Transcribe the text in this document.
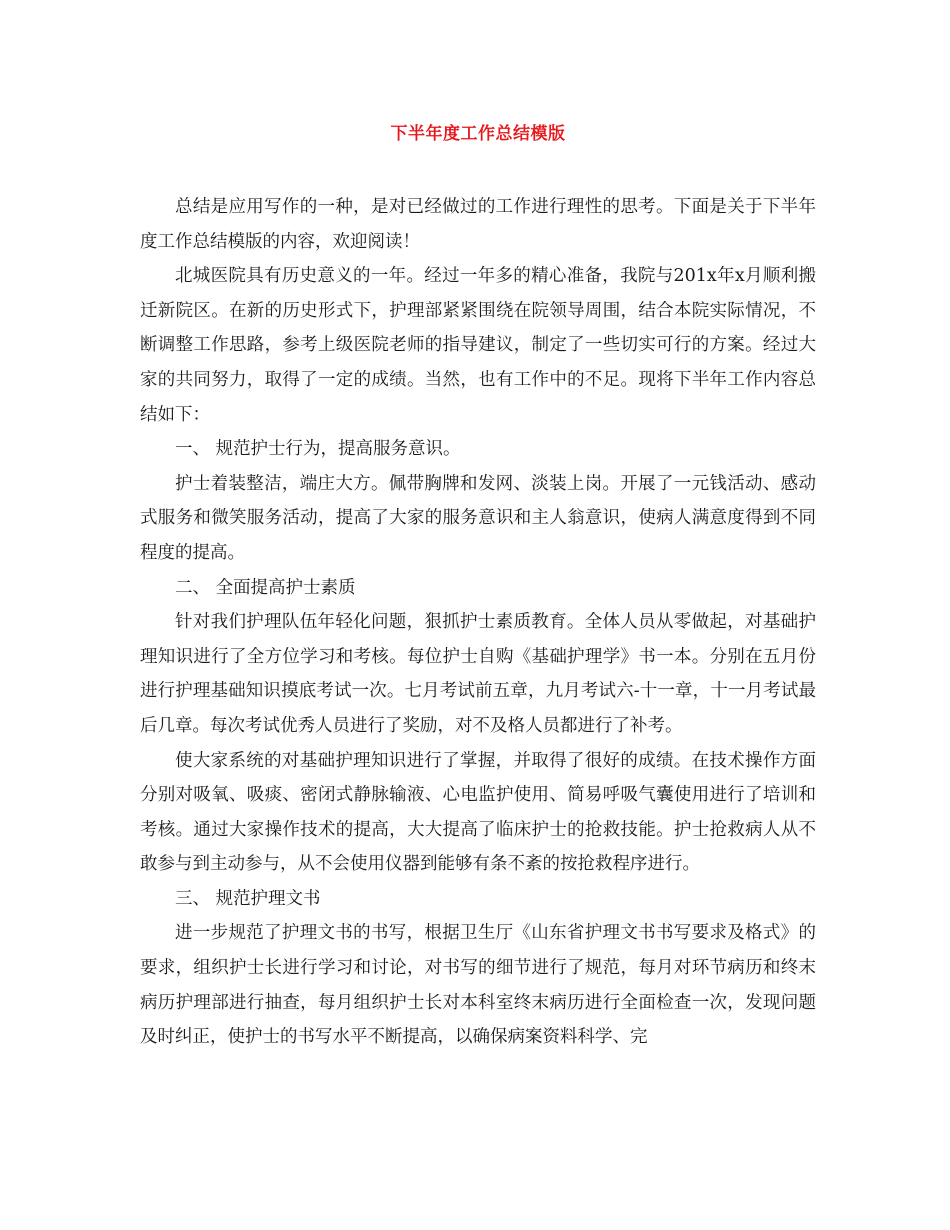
下半年度工作总结模版

总结是应用写作的一种，是对已经做过的工作进行理性的思考。下面是关于下半年度工作总结模版的内容，欢迎阅读！

北城医院具有历史意义的一年。经过一年多的精心准备，我院与201x年x月顺利搬迁新院区。在新的历史形式下，护理部紧紧围绕在院领导周围，结合本院实际情况，不断调整工作思路，参考上级医院老师的指导建议，制定了一些切实可行的方案。经过大家的共同努力，取得了一定的成绩。当然，也有工作中的不足。现将下半年工作内容总结如下：

一、 规范护士行为，提高服务意识。

护士着装整洁，端庄大方。佩带胸牌和发网、淡装上岗。开展了一元钱活动、感动式服务和微笑服务活动，提高了大家的服务意识和主人翁意识，使病人满意度得到不同程度的提高。

二、 全面提高护士素质

针对我们护理队伍年轻化问题，狠抓护士素质教育。全体人员从零做起，对基础护理知识进行了全方位学习和考核。每位护士自购《基础护理学》书一本。分别在五月份进行护理基础知识摸底考试一次。七月考试前五章，九月考试六-十一章，十一月考试最后几章。每次考试优秀人员进行了奖励，对不及格人员都进行了补考。

使大家系统的对基础护理知识进行了掌握，并取得了很好的成绩。在技术操作方面分别对吸氧、吸痰、密闭式静脉输液、心电监护使用、简易呼吸气囊使用进行了培训和考核。通过大家操作技术的提高，大大提高了临床护士的抢救技能。护士抢救病人从不敢参与到主动参与，从不会使用仪器到能够有条不紊的按抢救程序进行。

三、 规范护理文书

进一步规范了护理文书的书写，根据卫生厅《山东省护理文书书写要求及格式》的要求，组织护士长进行学习和讨论，对书写的细节进行了规范，每月对环节病历和终末病历护理部进行抽查，每月组织护士长对本科室终末病历进行全面检查一次，发现问题及时纠正，使护士的书写水平不断提高，以确保病案资料科学、完
